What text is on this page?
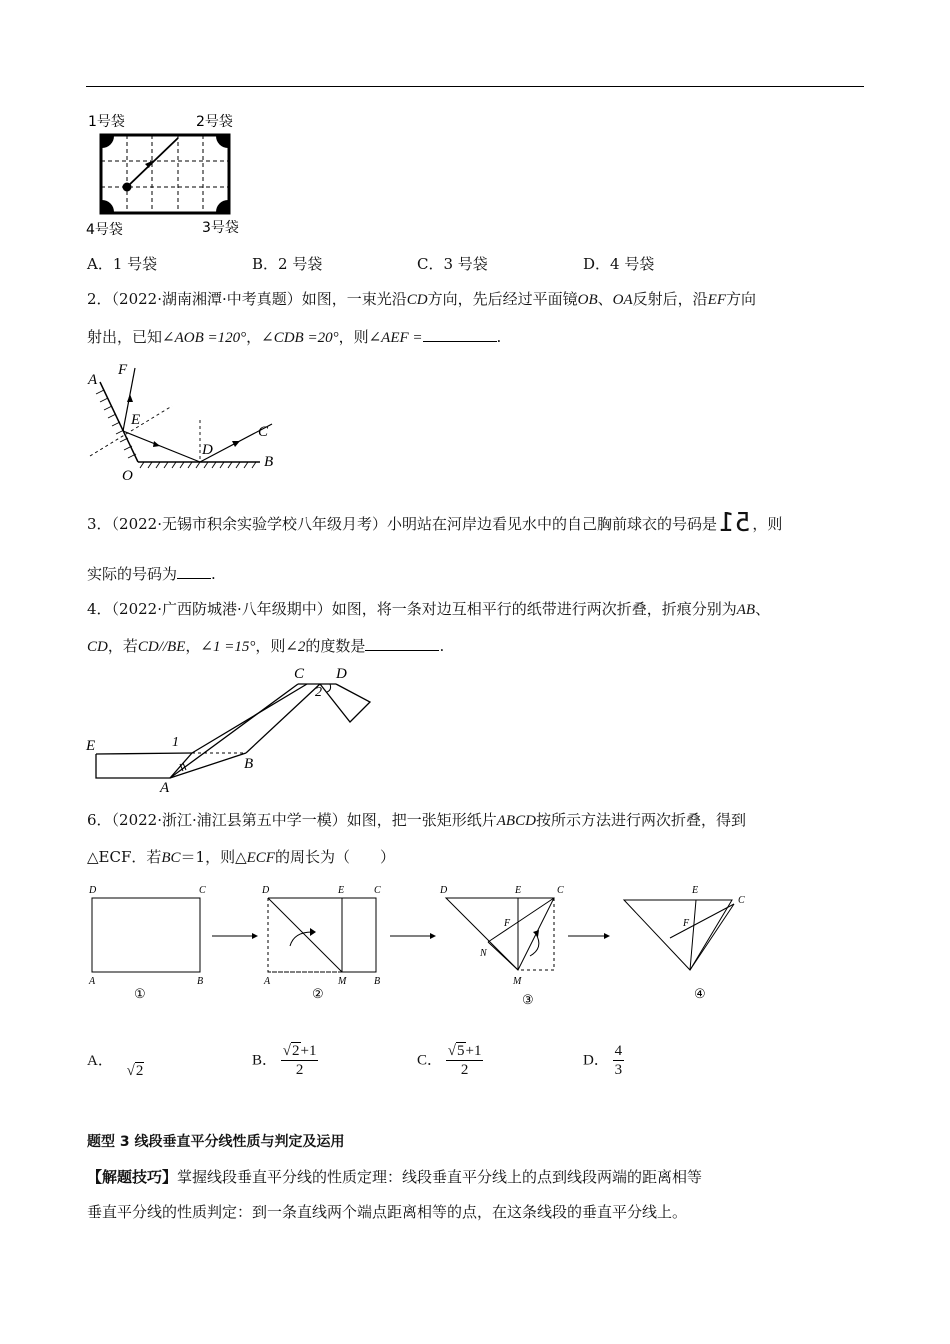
1号袋	2号袋
4号袋	3号袋
A．1 号袋	B．2 号袋	C．3 号袋	D．4 号袋
2．（2022·湖南湘潭·中考真题）如图，一束光沿CD方向，先后经过平面镜OB、OA反射后，沿EF方向
射出，已知∠AOB =120°，∠CDB =20°，则∠AEF =	.
A
F
E
O
D
C
B
3．（2022·无锡市积余实验学校八年级月考）小明站在河岸边看见水中的自己胸前球衣的号码是51 ，则
实际的号码为 .
4．（2022·广西防城港·八年级期中）如图，将一条对边互相平行的纸带进行两次折叠，折痕分别为AB、
CD，若CD//BE，∠1 =15°，则∠2的度数是	.
C D
2
E	1
B
A
6．（2022·浙江·浦江县第五中学一模）如图，把一张矩形纸片ABCD按所示方法进行两次折叠，得到
△ECF．若BC＝1，则△ECF的周长为（　　）
D	C
A	B
①
D	E	C
A	M	B
②
D	E	C
F
N
M
③
E
C
F
④
A． √2
B． $\frac{√2+1}{2}$	C． $\frac{√5+1}{2}$	D． $\frac{4}{3}$
题型 3 线段垂直平分线性质与判定及运用
【解题技巧】掌握线段垂直平分线的性质定理：线段垂直平分线上的点到线段两端的距离相等
垂直平分线的性质判定：到一条直线两个端点距离相等的点，在这条线段的垂直平分线上。
